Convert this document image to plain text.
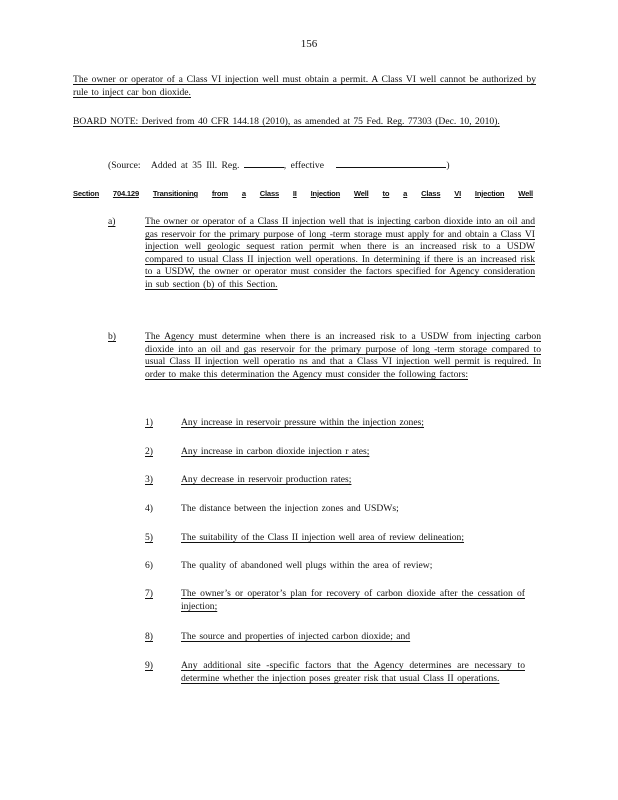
156
The owner or operator of a Class VI injection well must obtain a permit. A Class VI well cannot be authorized by rule to inject car bon dioxide.
BOARD NOTE: Derived from 40 CFR 144.18 (2010), as amended at 75 Fed. Reg. 77303 (Dec. 10, 2010).
(Source: Added at 35 Ill. Reg.	, effective	)
Section 704.129 Transitioning from a Class II Injection Well to a Class VI Injection Well
a)	The owner or operator of a Class II injection well that is injecting carbon dioxide into an oil and gas reservoir for the primary purpose of long -term storage must apply for and obtain a Class VI injection well geologic sequest ration permit when there is an increased risk to a USDW compared to usual Class II injection well operations. In determining if there is an increased risk to a USDW, the owner or operator must consider the factors specified for Agency consideration in sub section (b) of this Section.
b)	The Agency must determine when there is an increased risk to a USDW from injecting carbon dioxide into an oil and gas reservoir for the primary purpose of long -term storage compared to usual Class II injection well operatio ns and that a Class VI injection well permit is required. In order to make this determination the Agency must consider the following factors:
1)	Any increase in reservoir pressure within the injection zones;
2)	Any increase in carbon dioxide injection r ates;
3)	Any decrease in reservoir production rates;
4)	The distance between the injection zones and USDWs;
5)	The suitability of the Class II injection well area of review delineation;
6)	The quality of abandoned well plugs within the area of review;
7)	The owner’s or operator’s plan for recovery of carbon dioxide after the cessation of injection;
8)	The source and properties of injected carbon dioxide; and
9)	Any additional site -specific factors that the Agency determines are necessary to determine whether the injection poses greater risk that usual Class II operations.
